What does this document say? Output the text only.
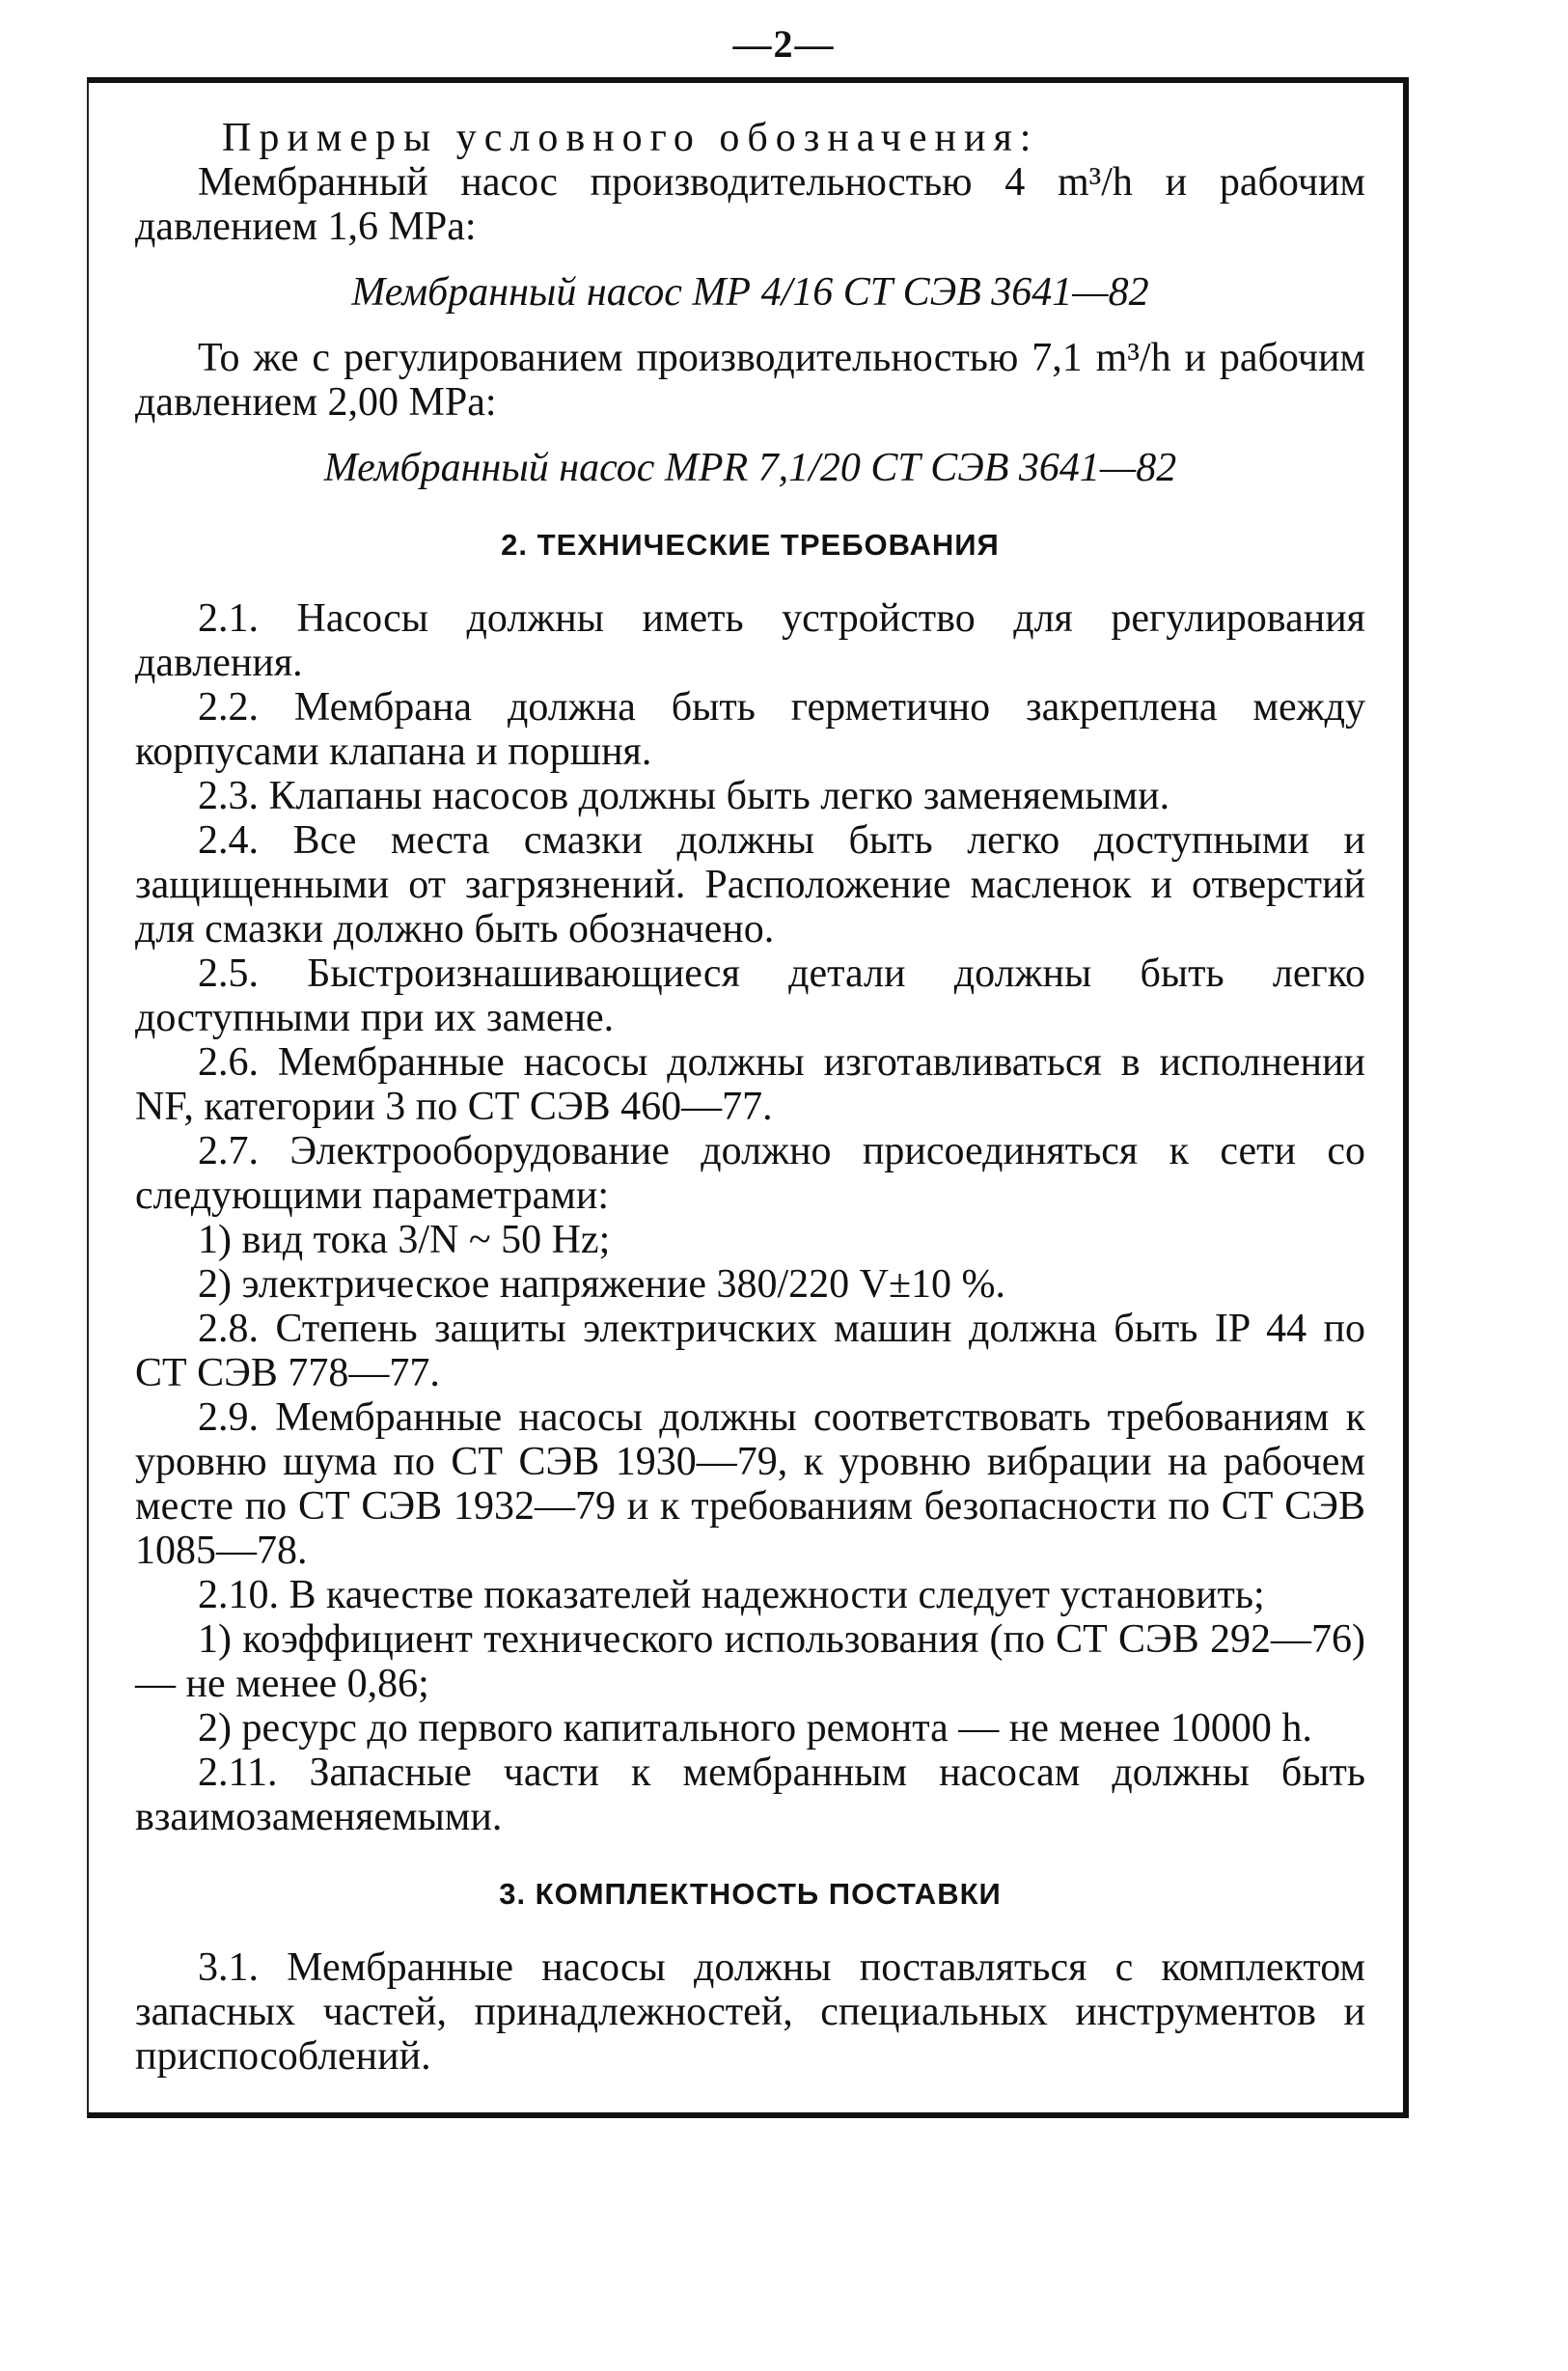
—2—

Примеры условного обозначения:

Мембранный насос производительностью 4 m³/h и рабочим давлением 1,6 MPa:

Мембранный насос МР 4/16 СТ СЭВ 3641—82

То же с регулированием производительностью 7,1 m³/h и рабочим давлением 2,00 MPa:

Мембранный насос MPR 7,1/20 СТ СЭВ 3641—82

2. ТЕХНИЧЕСКИЕ ТРЕБОВАНИЯ

2.1. Насосы должны иметь устройство для регулирования давления.

2.2. Мембрана должна быть герметично закреплена между корпусами клапана и поршня.

2.3. Клапаны насосов должны быть легко заменяемыми.

2.4. Все места смазки должны быть легко доступными и защищенными от загрязнений. Расположение масленок и отверстий для смазки должно быть обозначено.

2.5. Быстроизнашивающиеся детали должны быть легко доступными при их замене.

2.6. Мембранные насосы должны изготавливаться в исполнении NF, категории 3 по СТ СЭВ 460—77.

2.7. Электрооборудование должно присоединяться к сети со следующими параметрами:

1) вид тока 3/N ~ 50 Hz;

2) электрическое напряжение 380/220 V±10 %.

2.8. Степень защиты электричских машин должна быть IP 44 по СТ СЭВ 778—77.

2.9. Мембранные насосы должны соответствовать требованиям к уровню шума по СТ СЭВ 1930—79, к уровню вибрации на рабочем месте по СТ СЭВ 1932—79 и к требованиям безопасности по СТ СЭВ 1085—78.

2.10. В качестве показателей надежности следует установить;

1) коэффициент технического использования (по СТ СЭВ 292—76) — не менее 0,86;

2) ресурс до первого капитального ремонта — не менее 10000 h.

2.11. Запасные части к мембранным насосам должны быть взаимозаменяемыми.

3. КОМПЛЕКТНОСТЬ ПОСТАВКИ

3.1. Мембранные насосы должны поставляться с комплектом запасных частей, принадлежностей, специальных инструментов и приспособлений.
